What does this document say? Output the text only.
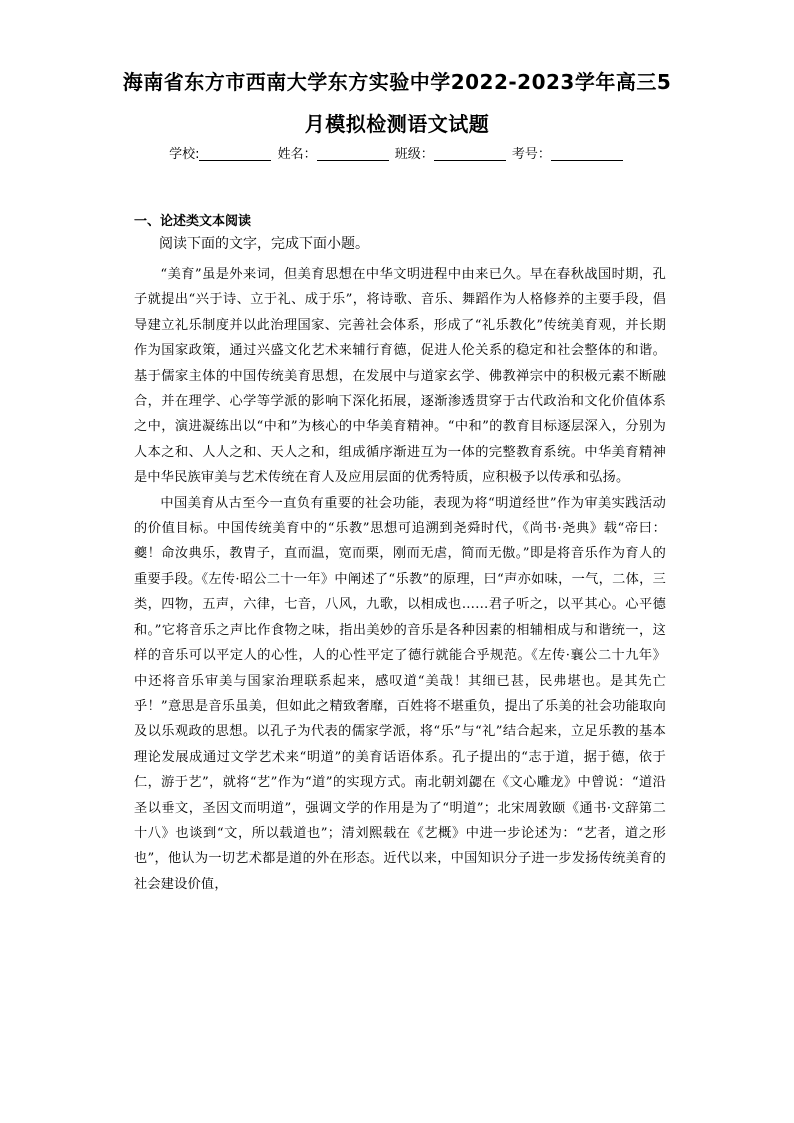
海南省东方市西南大学东方实验中学2022-2023学年高三5
月模拟检测语文试题
学校:	姓名：	班级：	考号：
一、论述类文本阅读
阅读下面的文字，完成下面小题。

“美育”虽是外来词，但美育思想在中华文明进程中由来已久。早在春秋战国时期，孔子就提出“兴于诗、立于礼、成于乐”，将诗歌、音乐、舞蹈作为人格修养的主要手段，倡导建立礼乐制度并以此治理国家、完善社会体系，形成了“礼乐教化”传统美育观，并长期作为国家政策，通过兴盛文化艺术来辅行育德，促进人伦关系的稳定和社会整体的和谐。基于儒家主体的中国传统美育思想，在发展中与道家玄学、佛教禅宗中的积极元素不断融合，并在理学、心学等学派的影响下深化拓展，逐渐渗透贯穿于古代政治和文化价值体系之中，演进凝练出以“中和”为核心的中华美育精神。“中和”的教育目标逐层深入，分别为人本之和、人人之和、天人之和，组成循序渐进互为一体的完整教育系统。中华美育精神是中华民族审美与艺术传统在育人及应用层面的优秀特质，应积极予以传承和弘扬。

中国美育从古至今一直负有重要的社会功能，表现为将“明道经世”作为审美实践活动的价值目标。中国传统美育中的“乐教”思想可追溯到尧舜时代，《尚书·尧典》载“帝曰：夔！命汝典乐，教胄子，直而温，宽而栗，刚而无虐，简而无傲。”即是将音乐作为育人的重要手段。《左传·昭公二十一年》中阐述了“乐教”的原理，曰“声亦如味，一气，二体，三类，四物，五声，六律，七音，八风，九歌，以相成也……君子听之，以平其心。心平德和。”它将音乐之声比作食物之味，指出美妙的音乐是各种因素的相辅相成与和谐统一，这样的音乐可以平定人的心性，人的心性平定了德行就能合乎规范。《左传·襄公二十九年》中还将音乐审美与国家治理联系起来，感叹道“美哉！其细已甚，民弗堪也。是其先亡乎！”意思是音乐虽美，但如此之精致奢靡，百姓将不堪重负，提出了乐美的社会功能取向及以乐观政的思想。以孔子为代表的儒家学派，将“乐”与“礼”结合起来，立足乐教的基本理论发展成通过文学艺术来“明道”的美育话语体系。孔子提出的“志于道，据于德，依于仁，游于艺”，就将“艺”作为“道”的实现方式。南北朝刘勰在《文心雕龙》中曾说：“道沿圣以垂文，圣因文而明道”，强调文学的作用是为了“明道”；北宋周敦颐《通书·文辞第二十八》也谈到“文，所以载道也”；清刘熙载在《艺概》中进一步论述为：“艺者，道之形也”，他认为一切艺术都是道的外在形态。近代以来，中国知识分子进一步发扬传统美育的社会建设价值，
